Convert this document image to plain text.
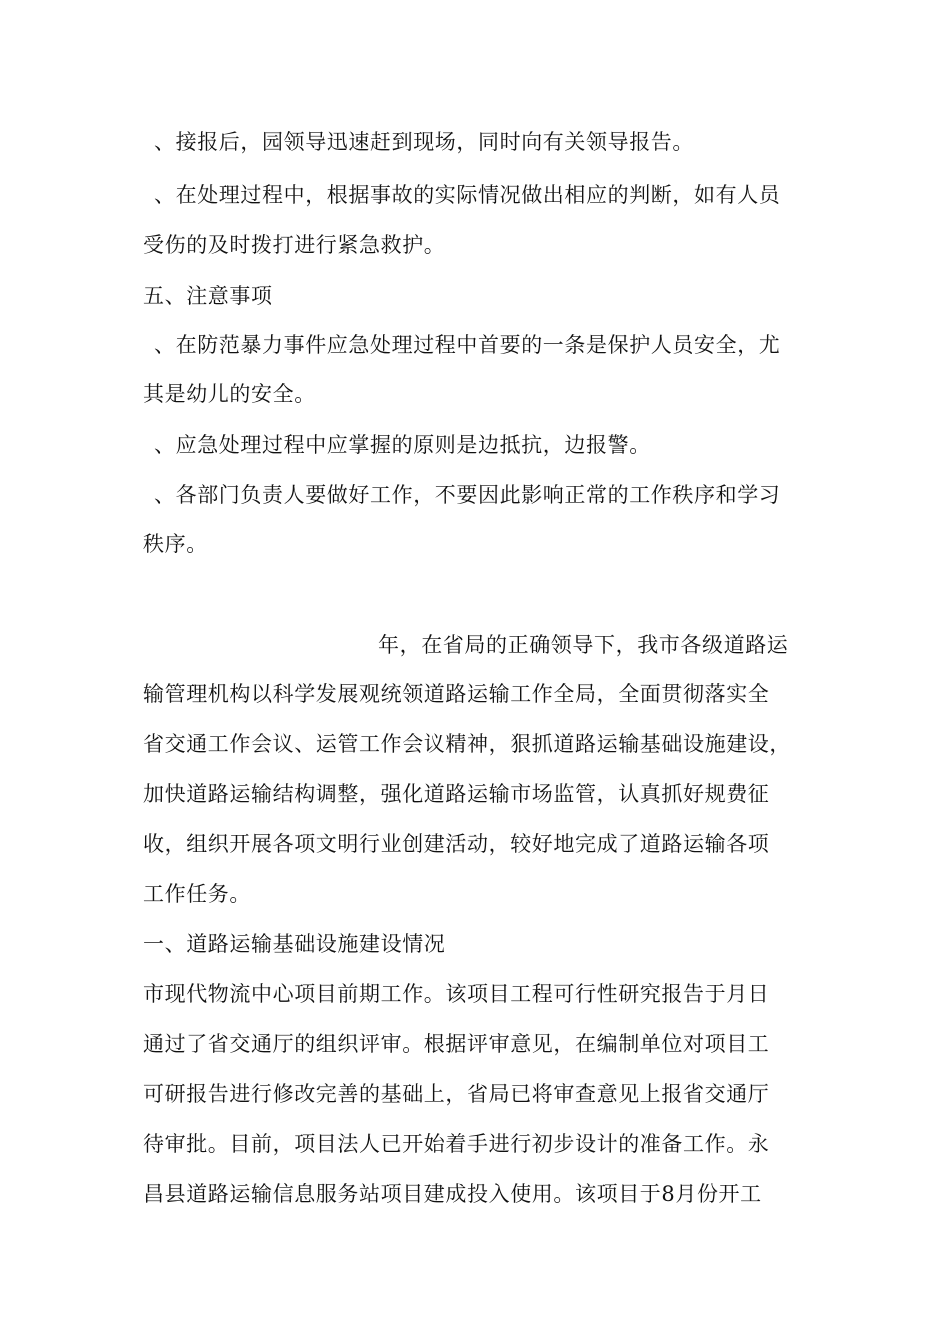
、接报后，园领导迅速赶到现场，同时向有关领导报告。
、在处理过程中，根据事故的实际情况做出相应的判断，如有人员
受伤的及时拨打进行紧急救护。
五、注意事项
、在防范暴力事件应急处理过程中首要的一条是保护人员安全，尤
其是幼儿的安全。
、应急处理过程中应掌握的原则是边抵抗，边报警。
、各部门负责人要做好工作，不要因此影响正常的工作秩序和学习
秩序。
年，在省局的正确领导下，我市各级道路运
输管理机构以科学发展观统领道路运输工作全局，全面贯彻落实全
省交通工作会议、运管工作会议精神，狠抓道路运输基础设施建设，
加快道路运输结构调整，强化道路运输市场监管，认真抓好规费征
收，组织开展各项文明行业创建活动，较好地完成了道路运输各项
工作任务。
一、道路运输基础设施建设情况
市现代物流中心项目前期工作。该项目工程可行性研究报告于月日
通过了省交通厅的组织评审。根据评审意见，在编制单位对项目工
可研报告进行修改完善的基础上，省局已将审查意见上报省交通厅
待审批。目前，项目法人已开始着手进行初步设计的准备工作。永
昌县道路运输信息服务站项目建成投入使用。该项目于8月份开工
